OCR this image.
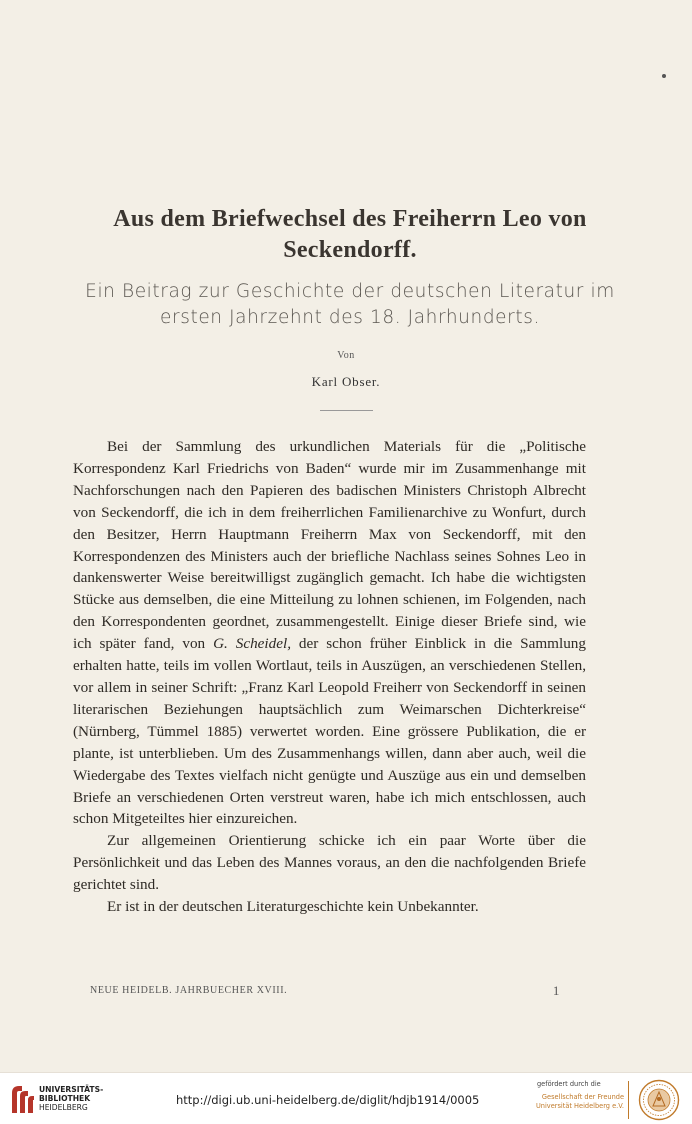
Aus dem Briefwechsel des Freiherrn Leo von Seckendorff.
Ein Beitrag zur Geschichte der deutschen Literatur im ersten Jahrzehnt des 18. Jahrhunderts.
Von
Karl Obser.

Bei der Sammlung des urkundlichen Materials für die „Politische Korrespondenz Karl Friedrichs von Baden“ wurde mir im Zusammenhange mit Nachforschungen nach den Papieren des badischen Ministers Christoph Albrecht von Seckendorff, die ich in dem freiherrlichen Familienarchive zu Wonfurt, durch den Besitzer, Herrn Hauptmann Freiherrn Max von Seckendorff, mit den Korrespondenzen des Ministers auch der briefliche Nachlass seines Sohnes Leo in dankenswerter Weise bereitwilligst zugänglich gemacht. Ich habe die wichtigsten Stücke aus demselben, die eine Mitteilung zu lohnen schienen, im Folgenden, nach den Korrespondenten geordnet, zusammengestellt. Einige dieser Briefe sind, wie ich später fand, von G. Scheidel, der schon früher Einblick in die Sammlung erhalten hatte, teils im vollen Wortlaut, teils in Auszügen, an verschiedenen Stellen, vor allem in seiner Schrift: „Franz Karl Leopold Freiherr von Seckendorff in seinen literarischen Beziehungen hauptsächlich zum Weimarschen Dichterkreise“ (Nürnberg, Tümmel 1885) verwertet worden. Eine grössere Publikation, die er plante, ist unterblieben. Um des Zusammenhangs willen, dann aber auch, weil die Wiedergabe des Textes vielfach nicht genügte und Auszüge aus ein und demselben Briefe an verschiedenen Orten verstreut waren, habe ich mich entschlossen, auch schon Mitgeteiltes hier einzureichen.

Zur allgemeinen Orientierung schicke ich ein paar Worte über die Persönlichkeit und das Leben des Mannes voraus, an den die nachfolgenden Briefe gerichtet sind.

Er ist in der deutschen Literaturgeschichte kein Unbekannter.

NEUE HEIDELB. JAHRBUECHER XVIII.	1
UNIVERSITÄTS-
BIBLIOTHEK
HEIDELBERG
http://digi.ub.uni-heidelberg.de/diglit/hdjb1914/0005
gefördert durch die
Gesellschaft der Freunde
Universität Heidelberg e.V.
